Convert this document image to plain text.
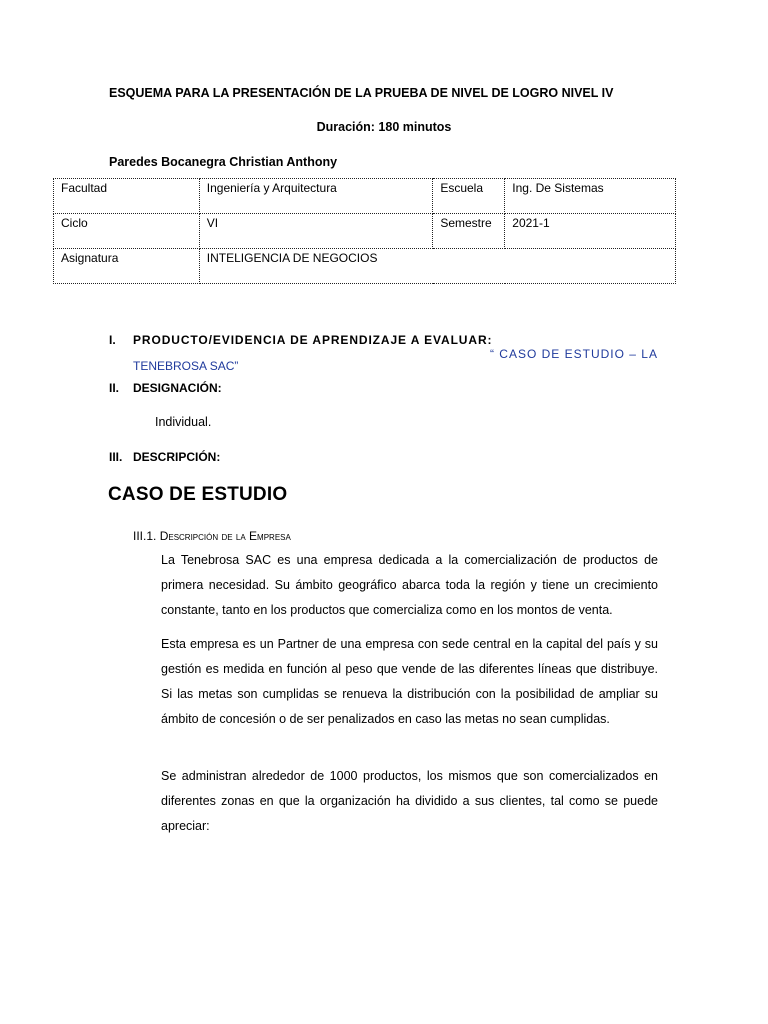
ESQUEMA PARA LA PRESENTACIÓN DE LA PRUEBA DE NIVEL DE LOGRO NIVEL IV
Duración: 180 minutos
Paredes Bocanegra Christian Anthony
Facultad	Ingeniería y Arquitectura	Escuela	Ing. De Sistemas
Ciclo	VI	Semestre	2021-1
Asignatura	INTELIGENCIA DE NEGOCIOS		
I. PRODUCTO/EVIDENCIA DE APRENDIZAJE A EVALUAR:
“ CASO DE ESTUDIO – LA
TENEBROSA SAC”
II. DESIGNACIÓN:
Individual.
III. DESCRIPCIÓN:
CASO DE ESTUDIO
III.1. Descripción de la Empresa
La Tenebrosa SAC es una empresa dedicada a la comercialización de productos de primera necesidad. Su ámbito geográfico abarca toda la región y tiene un crecimiento constante, tanto en los productos que comercializa como en los montos de venta.
Esta empresa es un Partner de una empresa con sede central en la capital del país y su gestión es medida en función al peso que vende de las diferentes líneas que distribuye. Si las metas son cumplidas se renueva la distribución con la posibilidad de ampliar su ámbito de concesión o de ser penalizados en caso las metas no sean cumplidas.
Se administran alrededor de 1000 productos, los mismos que son comercializados en diferentes zonas en que la organización ha dividido a sus clientes, tal como se puede apreciar:
